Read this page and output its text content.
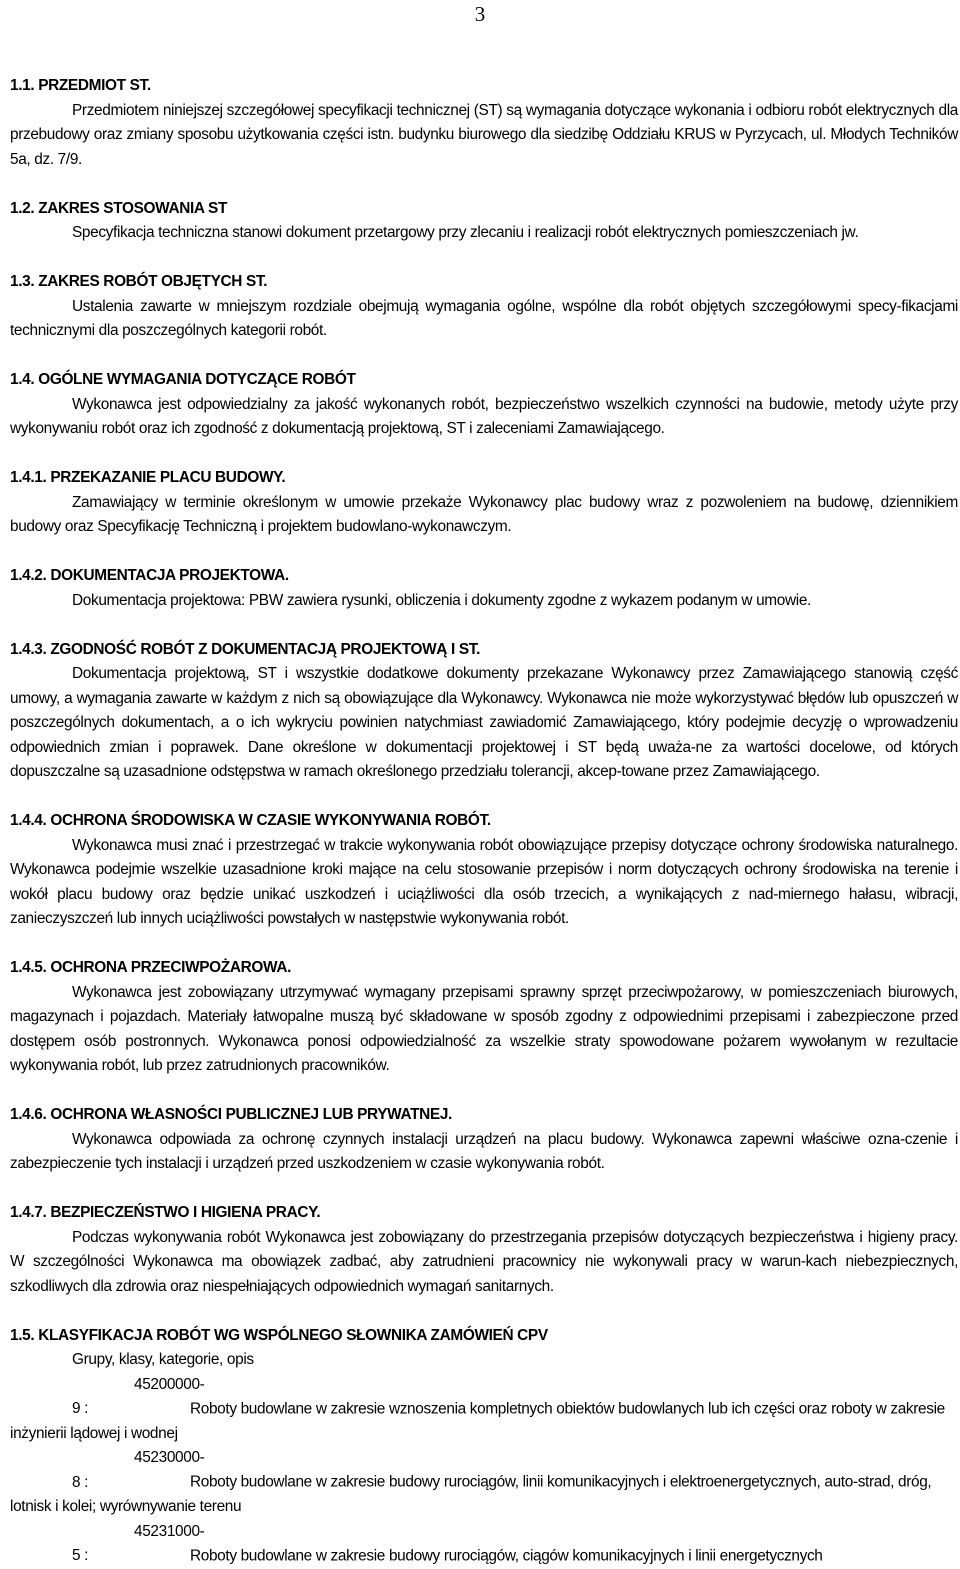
3

1.1. PRZEDMIOT ST.

Przedmiotem niniejszej szczegółowej specyfikacji technicznej (ST) są wymagania dotyczące wykonania i odbioru robót elektrycznych dla przebudowy oraz zmiany sposobu użytkowania części istn. budynku biurowego dla siedzibę Oddziału KRUS w Pyrzycach, ul. Młodych Techników 5a, dz. 7/9.

1.2. ZAKRES STOSOWANIA ST

Specyfikacja techniczna stanowi dokument przetargowy przy zlecaniu i realizacji robót elektrycznych pomieszczeniach jw.

1.3. ZAKRES ROBÓT OBJĘTYCH ST.

Ustalenia zawarte w mniejszym rozdziale obejmują wymagania ogólne, wspólne dla robót objętych szczegółowymi specy-fikacjami technicznymi dla poszczególnych kategorii robót.

1.4. OGÓLNE WYMAGANIA DOTYCZĄCE ROBÓT

Wykonawca jest odpowiedzialny za jakość wykonanych robót, bezpieczeństwo wszelkich czynności na budowie, metody użyte przy wykonywaniu robót oraz ich zgodność z dokumentacją projektową, ST i zaleceniami Zamawiającego.

1.4.1. PRZEKAZANIE PLACU BUDOWY.

Zamawiający w terminie określonym w umowie przekaże Wykonawcy plac budowy wraz z pozwoleniem na budowę, dziennikiem budowy oraz Specyfikację Techniczną i projektem budowlano-wykonawczym.

1.4.2. DOKUMENTACJA PROJEKTOWA.

Dokumentacja projektowa: PBW zawiera rysunki, obliczenia i dokumenty zgodne z wykazem podanym w umowie.

1.4.3. ZGODNOŚĆ ROBÓT Z DOKUMENTACJĄ PROJEKTOWĄ I ST.

Dokumentacja projektową, ST i wszystkie dodatkowe dokumenty przekazane Wykonawcy przez Zamawiającego stanowią część umowy, a wymagania zawarte w każdym z nich są obowiązujące dla Wykonawcy. Wykonawca nie może wykorzystywać błędów lub opuszczeń w poszczególnych dokumentach, a o ich wykryciu powinien natychmiast zawiadomić Zamawiającego, który podejmie decyzję o wprowadzeniu odpowiednich zmian i poprawek. Dane określone w dokumentacji projektowej i ST będą uważa-ne za wartości docelowe, od których dopuszczalne są uzasadnione odstępstwa w ramach określonego przedziału tolerancji, akcep-towane przez Zamawiającego.

1.4.4. OCHRONA ŚRODOWISKA W CZASIE WYKONYWANIA ROBÓT.

Wykonawca musi znać i przestrzegać w trakcie wykonywania robót obowiązujące przepisy dotyczące ochrony środowiska naturalnego. Wykonawca podejmie wszelkie uzasadnione kroki mające na celu stosowanie przepisów i norm dotyczących ochrony środowiska na terenie i wokół placu budowy oraz będzie unikać uszkodzeń i uciążliwości dla osób trzecich, a wynikających z nad-miernego hałasu, wibracji, zanieczyszczeń lub innych uciążliwości powstałych w następstwie wykonywania robót.

1.4.5. OCHRONA PRZECIWPOŻAROWA.

Wykonawca jest zobowiązany utrzymywać wymagany przepisami sprawny sprzęt przeciwpożarowy, w pomieszczeniach biurowych, magazynach i pojazdach. Materiały łatwopalne muszą być składowane w sposób zgodny z odpowiednimi przepisami i zabezpieczone przed dostępem osób postronnych. Wykonawca ponosi odpowiedzialność za wszelkie straty spowodowane pożarem wywołanym w rezultacie wykonywania robót, lub przez zatrudnionych pracowników.

1.4.6. OCHRONA WŁASNOŚCI PUBLICZNEJ LUB PRYWATNEJ.

Wykonawca odpowiada za ochronę czynnych instalacji urządzeń na placu budowy. Wykonawca zapewni właściwe ozna-czenie i zabezpieczenie tych instalacji i urządzeń przed uszkodzeniem w czasie wykonywania robót.

1.4.7. BEZPIECZEŃSTWO I HIGIENA PRACY.

Podczas wykonywania robót Wykonawca jest zobowiązany do przestrzegania przepisów dotyczących bezpieczeństwa i higieny pracy. W szczególności Wykonawca ma obowiązek zadbać, aby zatrudnieni pracownicy nie wykonywali pracy w warun-kach niebezpiecznych, szkodliwych dla zdrowia oraz niespełniających odpowiednich wymagań sanitarnych.

1.5. KLASYFIKACJA ROBÓT WG WSPÓLNEGO SŁOWNIKA ZAMÓWIEŃ CPV

Grupy, klasy, kategorie, opis

45200000-9 :	Roboty budowlane w zakresie wznoszenia kompletnych obiektów budowlanych lub ich części oraz roboty w zakresie inżynierii lądowej i wodnej

45230000-8 :	Roboty budowlane w zakresie budowy rurociągów, linii komunikacyjnych i elektroenergetycznych, auto-strad, dróg, lotnisk i kolei; wyrównywanie terenu

45231000-5 :	Roboty budowlane w zakresie budowy rurociągów, ciągów komunikacyjnych i linii energetycznych
